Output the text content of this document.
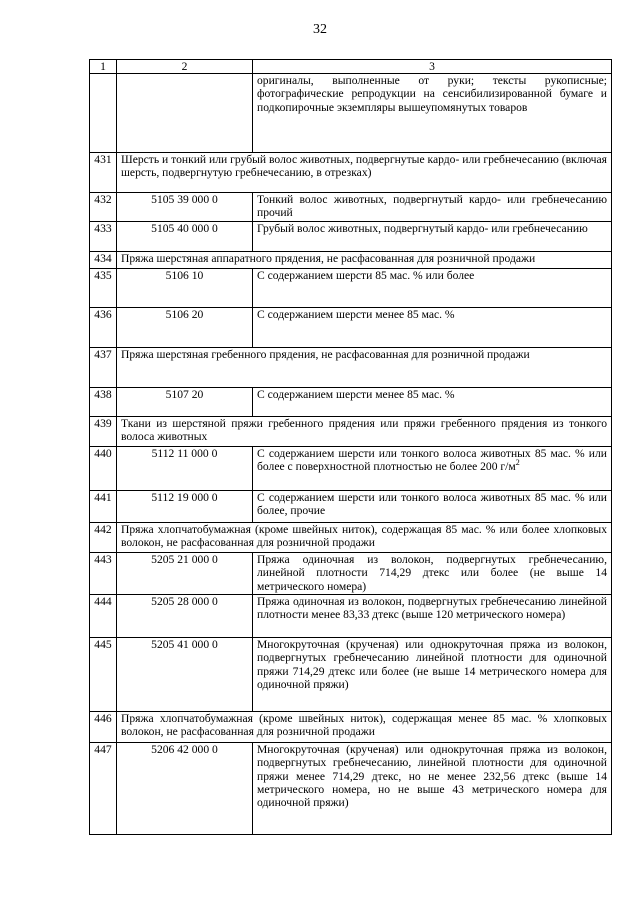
32
1	2	3
		оригиналы, выполненные от руки; тексты рукописные; фотографические репродукции на сенсибилизированной бумаге и подкопирочные экземпляры вышеупомянутых товаров
431	Шерсть и тонкий или грубый волос животных, подвергнутые кардо- или гребнечесанию (включая шерсть, подвергнутую гребнечесанию, в отрезках)	
432	5105 39 000 0	Тонкий волос животных, подвергнутый кардо- или гребнечесанию прочий
433	5105 40 000 0	Грубый волос животных, подвергнутый кардо- или гребнечесанию
434	Пряжа шерстяная аппаратного прядения, не расфасованная для розничной продажи	
435	5106 10	С содержанием шерсти 85 мас. % или более
436	5106 20	С содержанием шерсти менее 85 мас. %
437	Пряжа шерстяная гребенного прядения, не расфасованная для розничной продажи	
438	5107 20	С содержанием шерсти менее 85 мас. %
439	Ткани из шерстяной пряжи гребенного прядения или пряжи гребенного прядения из тонкого волоса животных	
440	5112 11 000 0	С содержанием шерсти или тонкого волоса животных 85 мас. % или более с поверхностной плотностью не более 200 $г/м^2$
441	5112 19 000 0	С содержанием шерсти или тонкого волоса животных 85 мас. % или более, прочие
442	Пряжа хлопчатобумажная (кроме швейных ниток), содержащая 85 мас. % или более хлопковых волокон, не расфасованная для розничной продажи	
443	5205 21 000 0	Пряжа одиночная из волокон, подвергнутых гребнечесанию, линейной плотности 714,29 дтекс или более (не выше 14 метрического номера)
444	5205 28 000 0	Пряжа одиночная из волокон, подвергнутых гребнечесанию линейной плотности менее 83,33 дтекс (выше 120 метрического номера)
445	5205 41 000 0	Многокруточная (крученая) или однокруточная пряжа из волокон, подвергнутых гребнечесанию линейной плотности для одиночной пряжи 714,29 дтекс или более (не выше 14 метрического номера для одиночной пряжи)
446	Пряжа хлопчатобумажная (кроме швейных ниток), содержащая менее 85 мас. % хлопковых волокон, не расфасованная для розничной продажи	
447	5206 42 000 0	Многокруточная (крученая) или однокруточная пряжа из волокон, подвергнутых гребнечесанию, линейной плотности для одиночной пряжи менее 714,29 дтекс, но не менее 232,56 дтекс (выше 14 метрического номера, но не выше 43 метрического номера для одиночной пряжи)
